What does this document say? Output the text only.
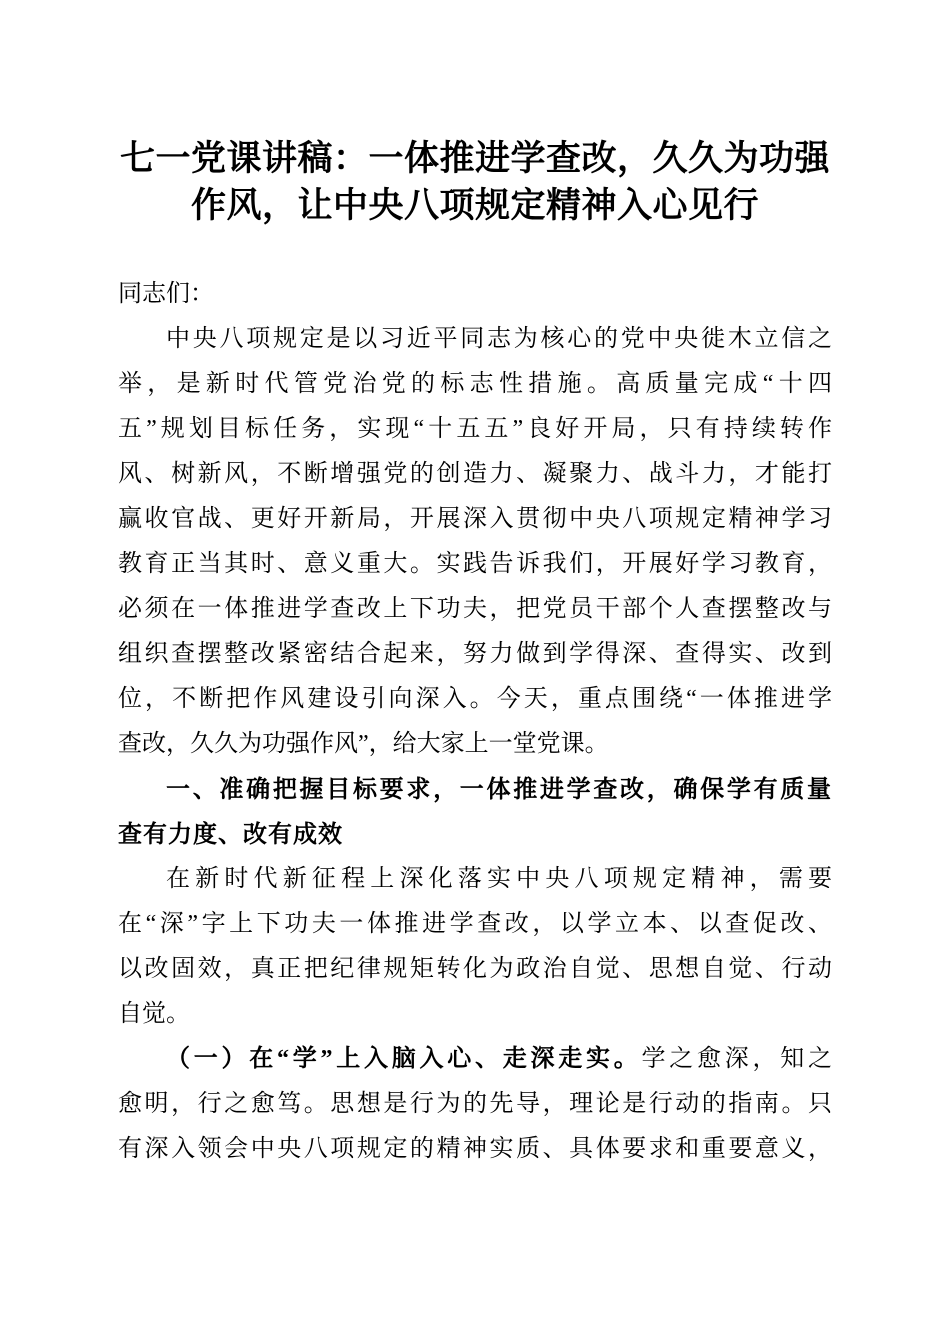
七一党课讲稿：一体推进学查改，久久为功强
作风，让中央八项规定精神入心见行
同志们：
中央八项规定是以习近平同志为核心的党中央徙木立信之
举，是新时代管党治党的标志性措施。高质量完成“十四
五”规划目标任务，实现“十五五”良好开局，只有持续转作
风、树新风，不断增强党的创造力、凝聚力、战斗力，才能打
赢收官战、更好开新局，开展深入贯彻中央八项规定精神学习
教育正当其时、意义重大。实践告诉我们，开展好学习教育，
必须在一体推进学查改上下功夫，把党员干部个人查摆整改与
组织查摆整改紧密结合起来，努力做到学得深、查得实、改到
位，不断把作风建设引向深入。今天，重点围绕“一体推进学
查改，久久为功强作风”，给大家上一堂党课。
一、准确把握目标要求，一体推进学查改，确保学有质量
查有力度、改有成效
在新时代新征程上深化落实中央八项规定精神，需要
在“深”字上下功夫一体推进学查改，以学立本、以查促改、
以改固效，真正把纪律规矩转化为政治自觉、思想自觉、行动
自觉。
（一）在“学”上入脑入心、走深走实。学之愈深，知之
愈明，行之愈笃。思想是行为的先导，理论是行动的指南。只
有深入领会中央八项规定的精神实质、具体要求和重要意义，
